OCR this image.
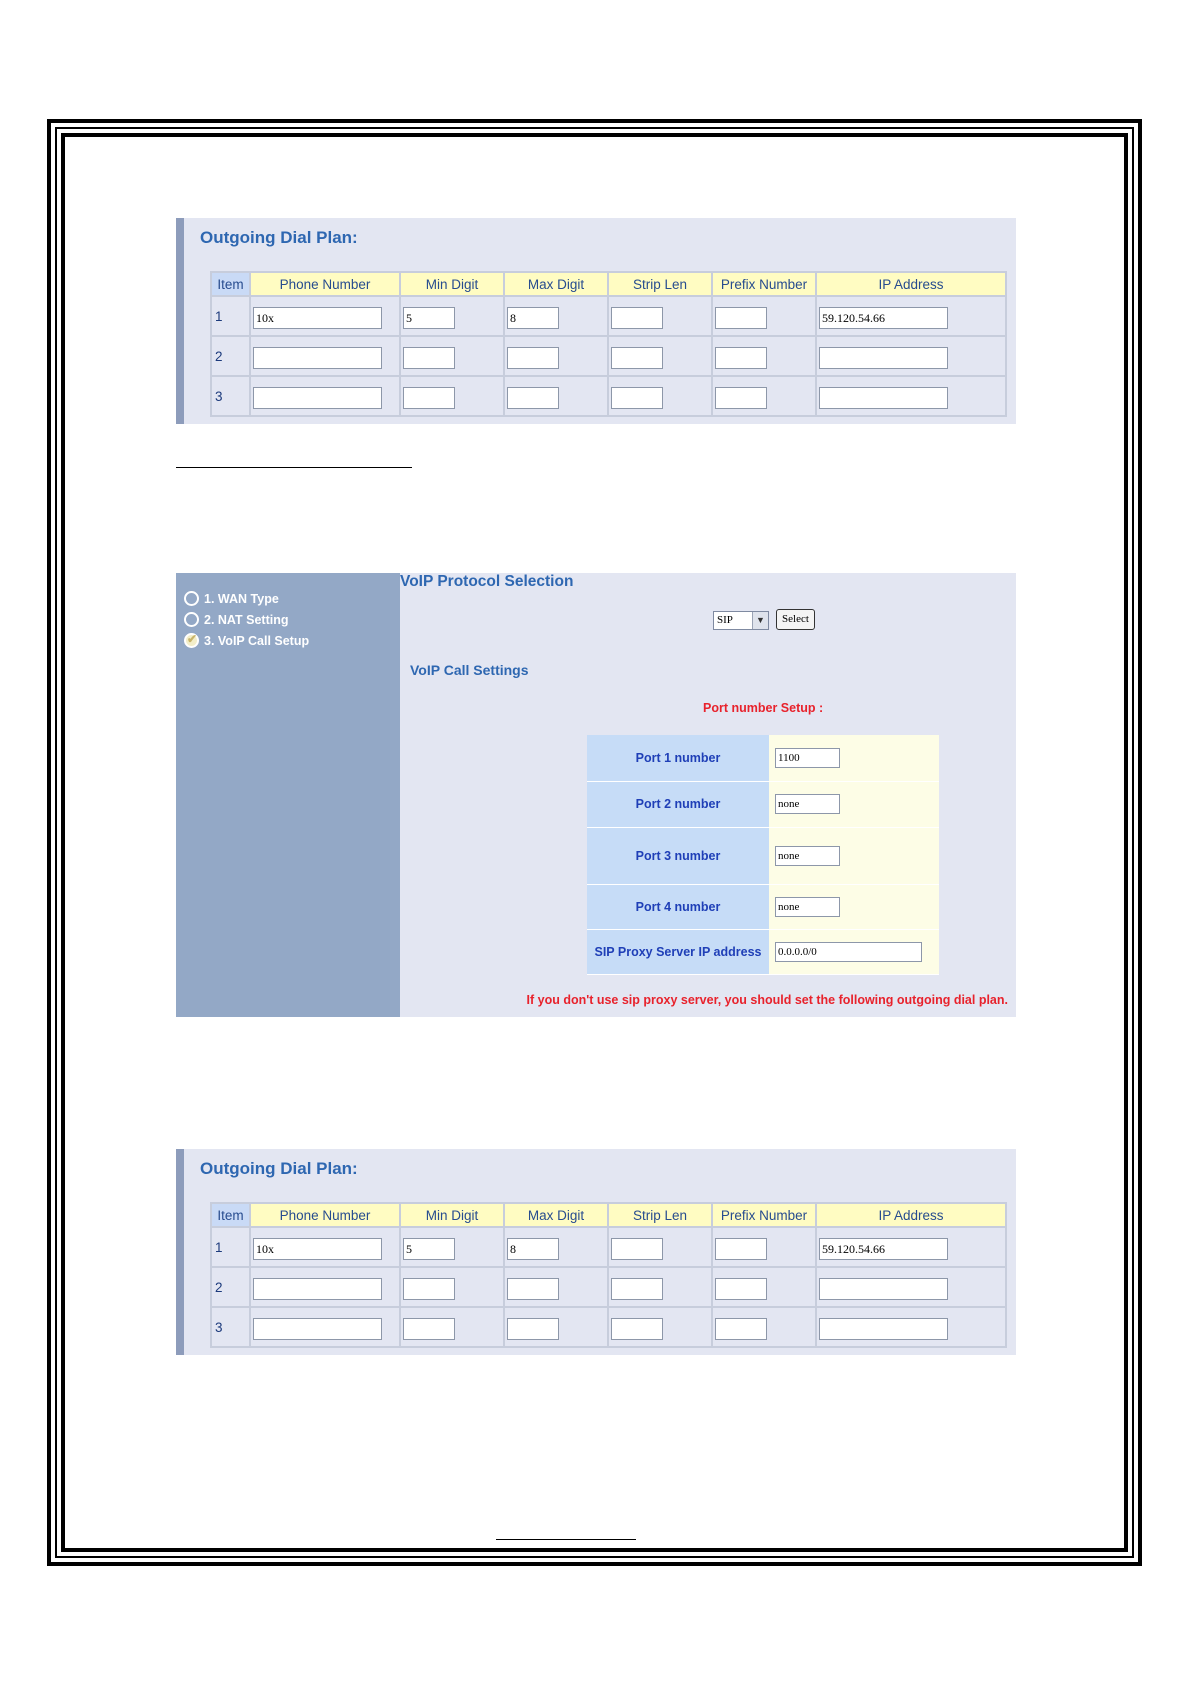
Outgoing Dial Plan:
Item	Phone Number	Min Digit	Max Digit	Strip Len	Prefix Number	IP Address
1	10x	5	8			59.120.54.66
2						
3						
1. WAN Type
2. NAT Setting
✔
3. VoIP Call Setup
VoIP Protocol Selection
SIP	▼	Select
VoIP Call Settings
Port number Setup :
Port 1 number	1100
Port 2 number	none
Port 3 number	none
Port 4 number	none
SIP Proxy Server IP address	0.0.0.0/0
If you don't use sip proxy server, you should set the following outgoing dial plan.
Outgoing Dial Plan:
Item	Phone Number	Min Digit	Max Digit	Strip Len	Prefix Number	IP Address
1	10x	5	8			59.120.54.66
2						
3						
